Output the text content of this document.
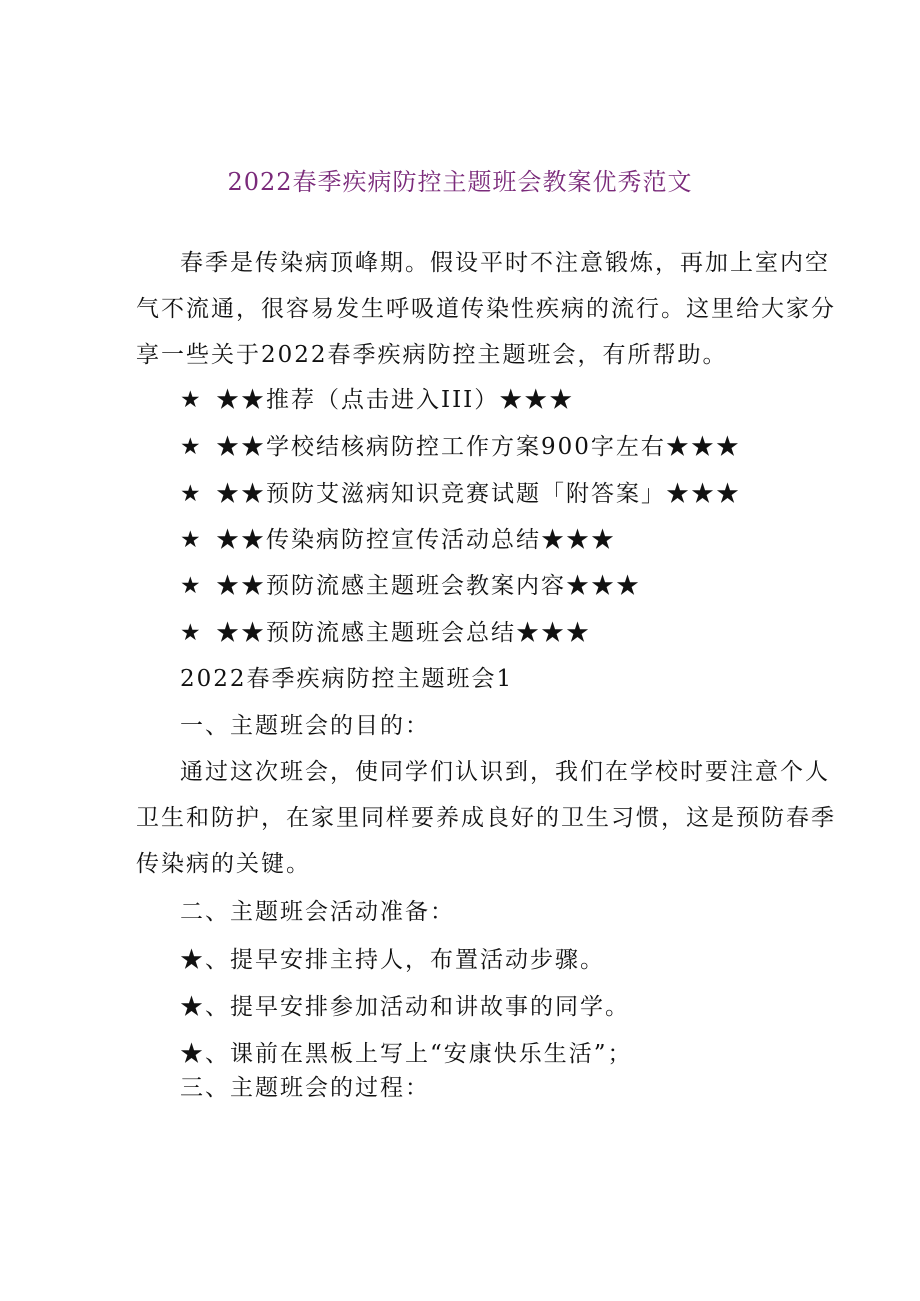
2022春季疾病防控主题班会教案优秀范文
春季是传染病顶峰期。假设平时不注意锻炼，再加上室内空
气不流通，很容易发生呼吸道传染性疾病的流行。这里给大家分
享一些关于2022春季疾病防控主题班会，有所帮助。
★ ★★推荐（点击进入III）★★★
★ ★★学校结核病防控工作方案900字左右★★★
★ ★★预防艾滋病知识竞赛试题「附答案」★★★
★ ★★传染病防控宣传活动总结★★★
★ ★★预防流感主题班会教案内容★★★
★ ★★预防流感主题班会总结★★★
2022春季疾病防控主题班会1
一、主题班会的目的：
通过这次班会，使同学们认识到，我们在学校时要注意个人
卫生和防护，在家里同样要养成良好的卫生习惯，这是预防春季
传染病的关键。
二、主题班会活动准备：
★、提早安排主持人，布置活动步骤。
★、提早安排参加活动和讲故事的同学。
★、课前在黑板上写上“安康快乐生活”；
三、主题班会的过程：
